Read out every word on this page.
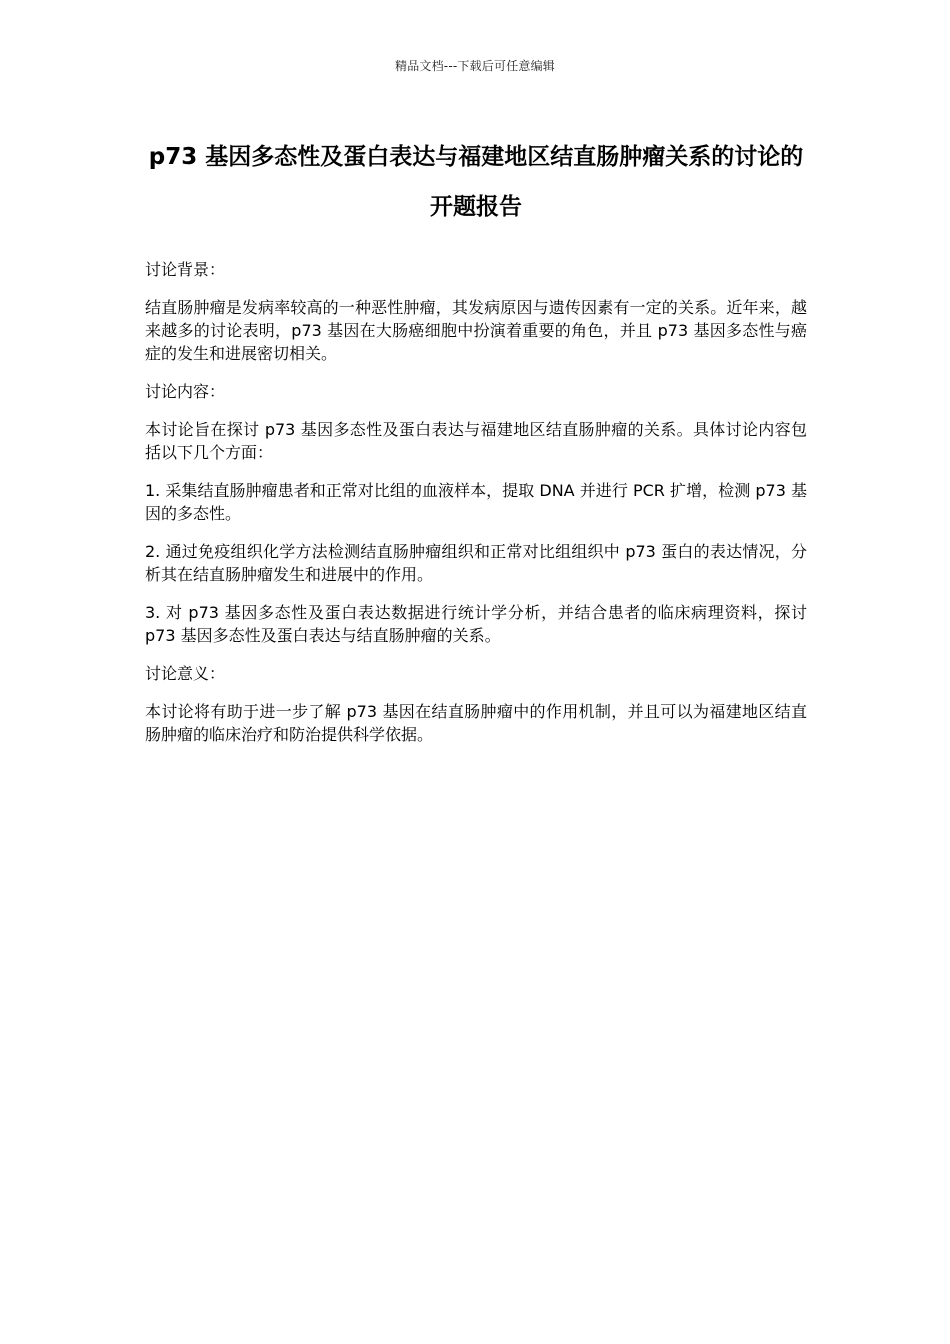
精品文档---下载后可任意编辑
p73 基因多态性及蛋白表达与福建地区结直肠肿瘤关系的讨论的开题报告

讨论背景：

结直肠肿瘤是发病率较高的一种恶性肿瘤，其发病原因与遗传因素有一定的关系。近年来，越来越多的讨论表明，p73 基因在大肠癌细胞中扮演着重要的角色，并且 p73 基因多态性与癌症的发生和进展密切相关。

讨论内容：

本讨论旨在探讨 p73 基因多态性及蛋白表达与福建地区结直肠肿瘤的关系。具体讨论内容包括以下几个方面：

1. 采集结直肠肿瘤患者和正常对比组的血液样本，提取 DNA 并进行 PCR 扩增，检测 p73 基因的多态性。

2. 通过免疫组织化学方法检测结直肠肿瘤组织和正常对比组组织中 p73 蛋白的表达情况，分析其在结直肠肿瘤发生和进展中的作用。

3. 对 p73 基因多态性及蛋白表达数据进行统计学分析，并结合患者的临床病理资料，探讨 p73 基因多态性及蛋白表达与结直肠肿瘤的关系。

讨论意义：

本讨论将有助于进一步了解 p73 基因在结直肠肿瘤中的作用机制，并且可以为福建地区结直肠肿瘤的临床治疗和防治提供科学依据。
